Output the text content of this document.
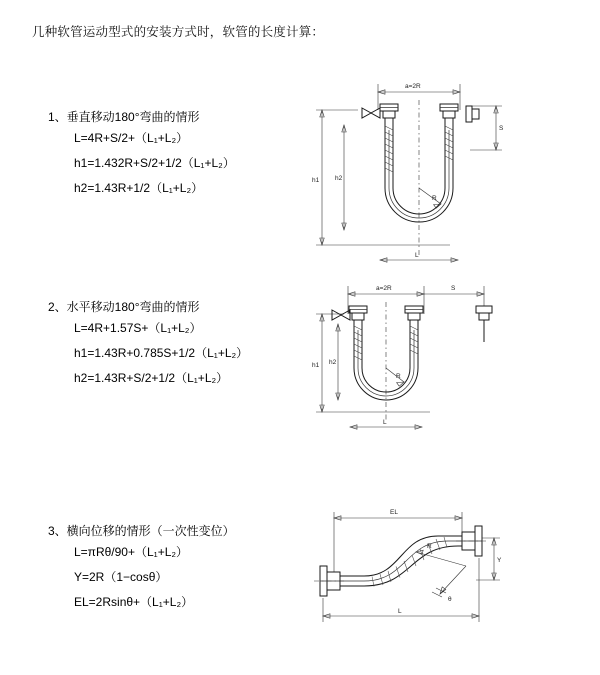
几种软管运动型式的安装方式时，软管的长度计算：
1、垂直移动180°弯曲的情形
L=4R+S/2+（L₁+L₂）
h1=1.432R+S/2+1/2（L₁+L₂）
h2=1.43R+1/2（L₁+L₂）
a=2R
h1 h2
S
R
L
2、水平移动180°弯曲的情形
L=4R+1.57S+（L₁+L₂）
h1=1.43R+0.785S+1/2（L₁+L₂）
h2=1.43R+S/2+1/2（L₁+L₂）
a=2R	S
h1 h2
R
L
3、横向位移的情形（一次性变位）
L=πRθ/90+（L₁+L₂）
Y=2R（1−cosθ）
EL=2Rsinθ+（L₁+L₂）
EL
Y
R
θ
L
